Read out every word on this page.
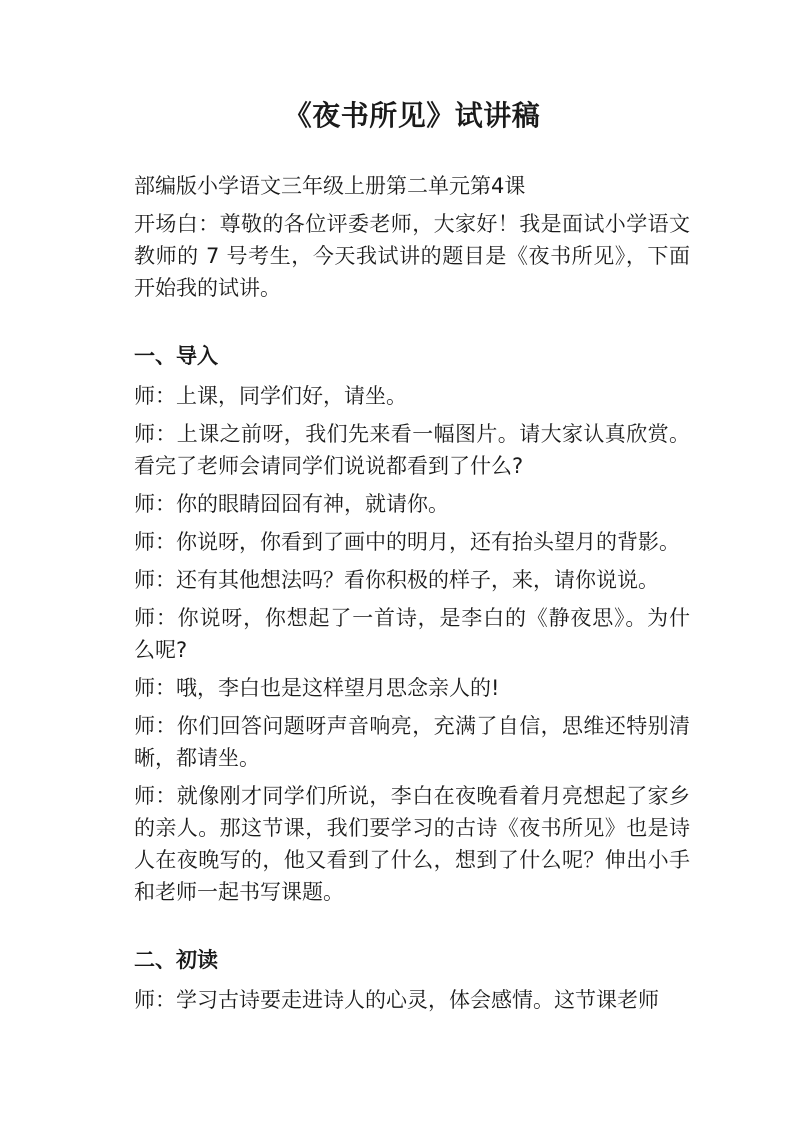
《夜书所见》试讲稿

部编版小学语文三年级上册第二单元第4课

开场白：尊敬的各位评委老师，大家好！我是面试小学语文教师的 7 号考生，今天我试讲的题目是《夜书所见》，下面开始我的试讲。

一、导入

师：上课，同学们好，请坐。

师：上课之前呀，我们先来看一幅图片。请大家认真欣赏。看完了老师会请同学们说说都看到了什么?

师：你的眼睛囧囧有神，就请你。

师：你说呀，你看到了画中的明月，还有抬头望月的背影。

师：还有其他想法吗？看你积极的样子，来，请你说说。

师：你说呀，你想起了一首诗，是李白的《静夜思》。为什么呢?

师：哦，李白也是这样望月思念亲人的!

师：你们回答问题呀声音响亮，充满了自信，思维还特别清晰，都请坐。

师：就像刚才同学们所说，李白在夜晚看着月亮想起了家乡的亲人。那这节课，我们要学习的古诗《夜书所见》也是诗人在夜晚写的，他又看到了什么，想到了什么呢？伸出小手和老师一起书写课题。

二、初读

师：学习古诗要走进诗人的心灵，体会感情。这节课老师
